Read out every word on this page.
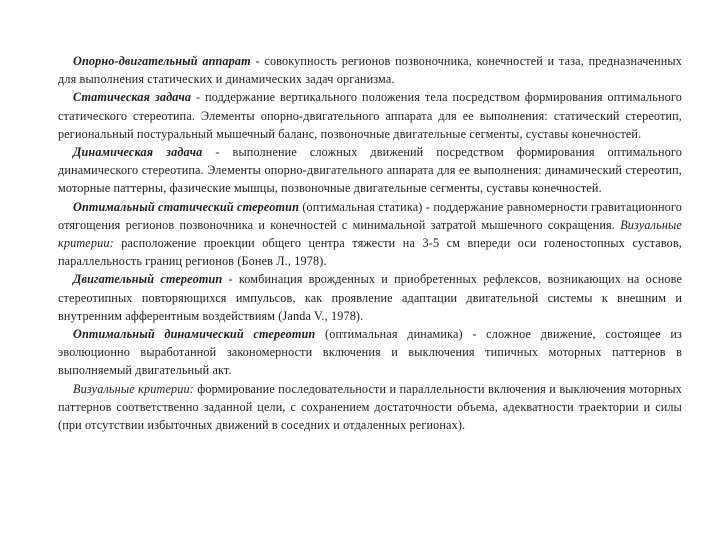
Опорно-двигательный аппарат - совокупность регионов позвоночника, конечностей и таза, предназначенных для выполнения статических и динамических задач организма.

Статическая задача - поддержание вертикального положения тела посредством формирования оптимального статического стереотипа. Элементы опорно-двигательного аппарата для ее выполнения: статический стереотип, региональный постуральный мышечный баланс, позвоночные двигательные сегменты, суставы конечностей.

Динамическая задача - выполнение сложных движений посредством формирования оптимального динамического стереотипа. Элементы опорно-двигательного аппарата для ее выполнения: динамический стереотип, моторные паттерны, фазические мышцы, позвоночные двигательные сегменты, суставы конечностей.

Оптимальный статический стереотип (оптимальная статика) - поддержание равномерности гравитационного отягощения регионов позвоночника и конечностей с минимальной затратой мышечного сокращения. Визуальные критерии: расположение проекции общего центра тяжести на 3-5 см впереди оси голеностопных суставов, параллельность границ регионов (Бонев Л., 1978).

Двигательный стереотип - комбинация врожденных и приобретенных рефлексов, возникающих на основе стереотипных повторяющихся импульсов, как проявление адаптации двигательной системы к внешним и внутренним афферентным воздействиям (Janda V., 1978).

Оптимальный динамический стереотип (оптимальная динамика) - сложное движение, состоящее из эволюционно выработанной закономерности включения и выключения типичных моторных паттернов в выполняемый двигательный акт.

Визуальные критерии: формирование последовательности и параллельности включения и выключения моторных паттернов соответственно заданной цели, с сохранением достаточности объема, адекватности траектории и силы (при отсутствии избыточных движений в соседних и отдаленных регионах).
